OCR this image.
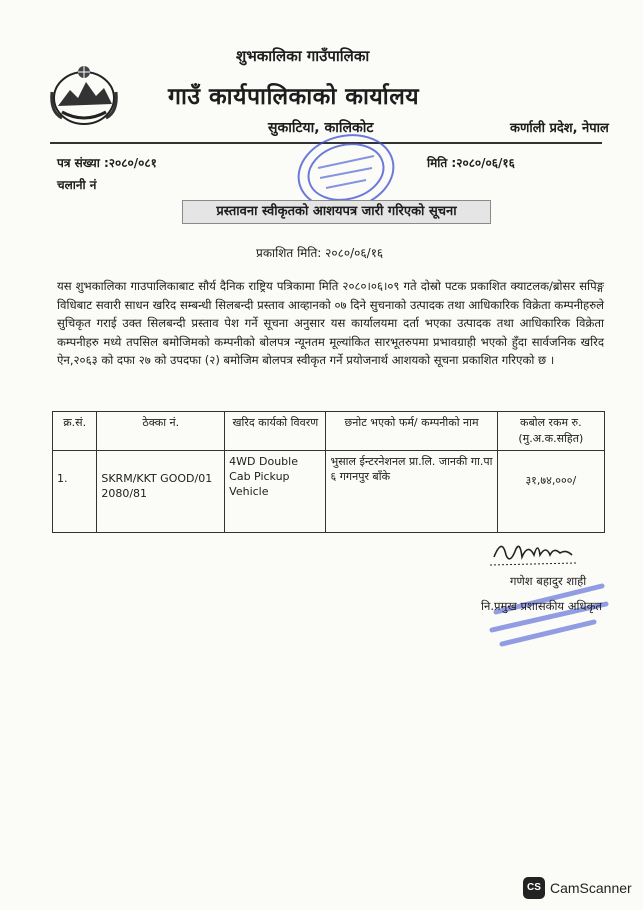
शुभकालिका गाउँपालिका
गाउँ कार्यपालिकाको कार्यालय
सुकाटिया, कालिकोट	कर्णाली प्रदेश, नेपाल
पत्र संख्या :२०८०/०८१
चलानी नं
मिति :२०८०/०६/१६
प्रस्तावना स्वीकृतको आशयपत्र जारी गरिएको सूचना
प्रकाशित मिति: २०८०/०६/१६
यस शुभकालिका गाउपालिकाबाट सौर्य दैनिक राष्ट्रिय पत्रिकामा मिति २०८०।०६।०९ गते दोस्रो पटक प्रकाशित क्याटलक/ब्रोसर सपिङ्ग विधिबाट सवारी साधन खरिद सम्बन्धी सिलबन्दी प्रस्ताव आव्हानको ०७ दिने सुचनाको उत्पादक तथा आधिकारिक विक्रेता कम्पनीहरुले सुचिकृत गराई उक्त सिलबन्दी प्रस्ताव पेश गर्ने सूचना अनुसार यस कार्यालयमा दर्ता भएका उत्पादक तथा आधिकारिक विक्रेता कम्पनीहरु मध्ये तपसिल बमोजिमको कम्पनीको बोलपत्र न्यूनतम मूल्यांकित सारभूतरुपमा प्रभावग्राही भएको हुँदा सार्वजनिक खरिद ऐन,२०६३ को दफा २७ को उपदफा (२) बमोजिम बोलपत्र स्वीकृत गर्ने प्रयोजनार्थ आशयको सूचना प्रकाशित गरिएको छ ।
क्र.सं.	ठेक्का नं.	खरिद कार्यको विवरण	छनोट भएको फर्म/ कम्पनीको नाम	कबोल रकम रु.(मु.अ.क.सहित)
1.	SKRM/KKT GOOD/01 2080/81	4WD Double Cab Pickup Vehicle	भुसाल ईन्टरनेशनल प्रा.लि. जानकी गा.पा ६ गगनपुर बाँके	३१,७४,०००/
गणेश बहादुर शाही
नि.प्रमुख प्रशासकीय अधिकृत
CS CamScanner
